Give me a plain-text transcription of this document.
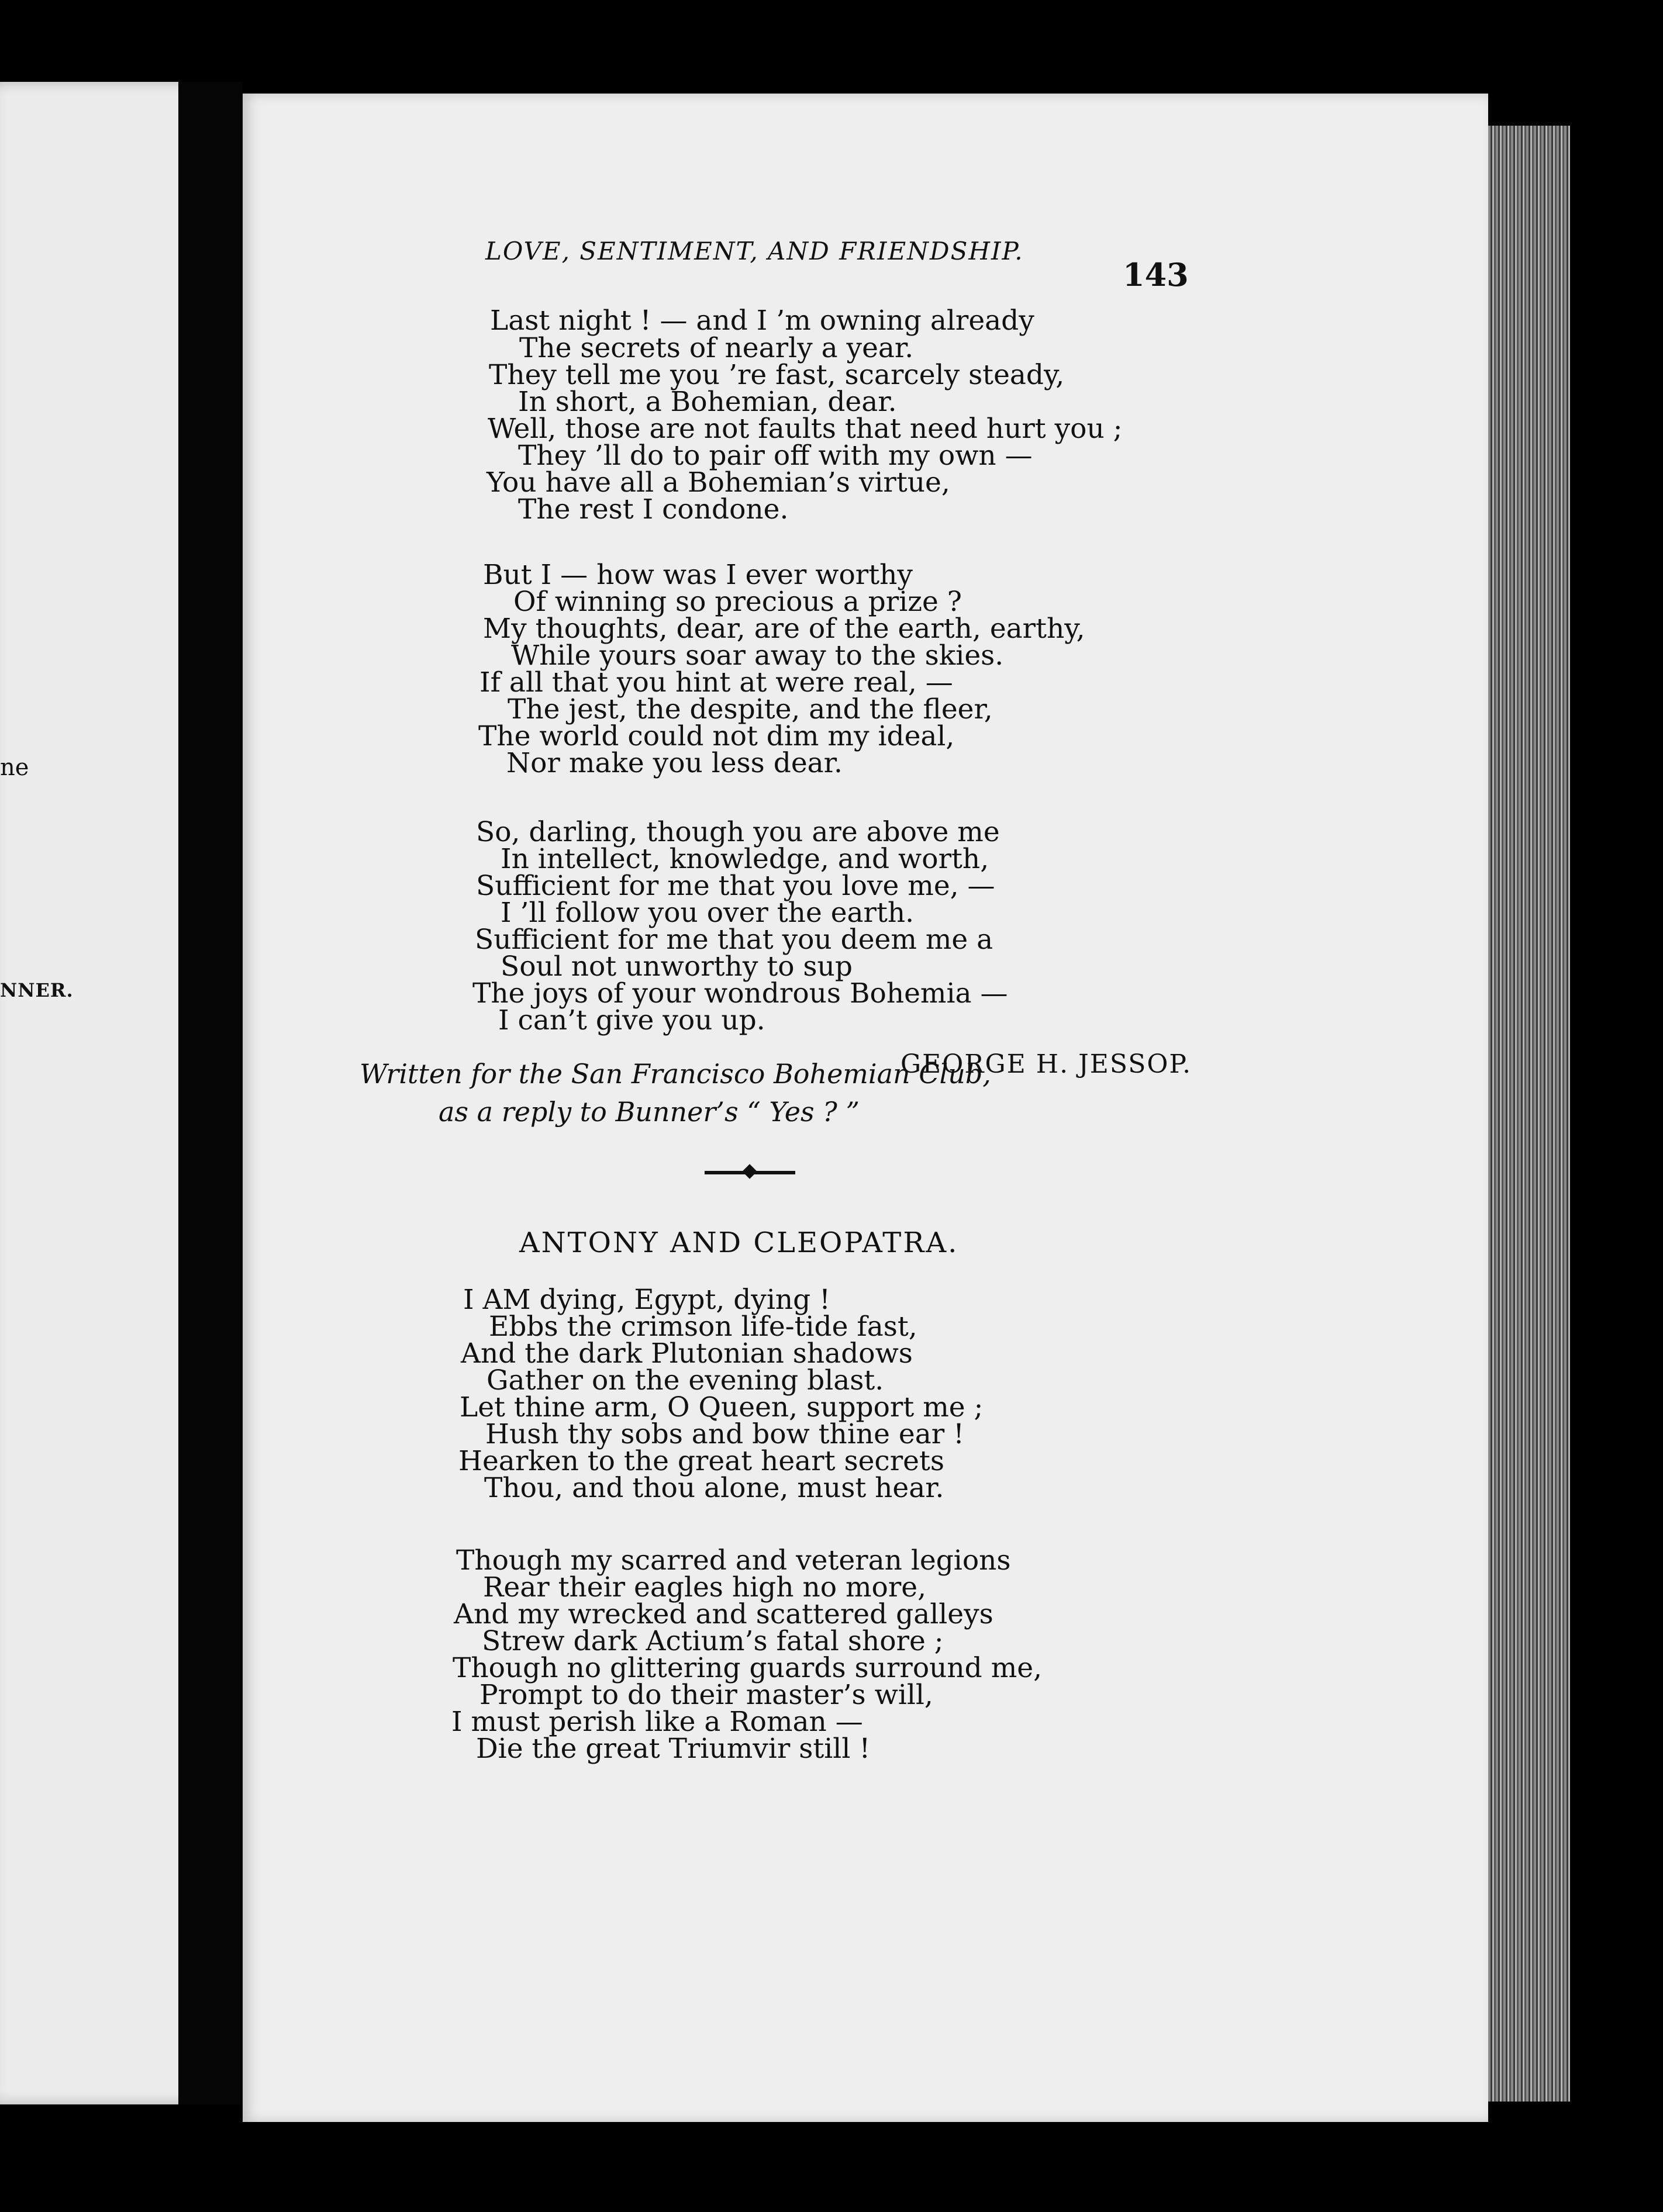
ne
NNER.
LOVE, SENTIMENT, AND FRIENDSHIP.
143
Last night ! — and I ’m owning already
The secrets of nearly a year.
They tell me you ’re fast, scarcely steady,
In short, a Bohemian, dear.
Well, those are not faults that need hurt you ;
They ’ll do to pair off with my own —
You have all a Bohemian’s virtue,
The rest I condone.
But I — how was I ever worthy
Of winning so precious a prize ?
My thoughts, dear, are of the earth, earthy,
While yours soar away to the skies.
If all that you hint at were real, —
The jest, the despite, and the fleer,
The world could not dim my ideal,
Nor make you less dear.
So, darling, though you are above me
In intellect, knowledge, and worth,
Sufficient for me that you love me, —
I ’ll follow you over the earth.
Sufficient for me that you deem me a
Soul not unworthy to sup
The joys of your wondrous Bohemia —
I can’t give you up.
GEORGE H. JESSOP.
Written for the San Francisco Bohemian Club,
as a reply to Bunner’s “ Yes ? ”
ANTONY AND CLEOPATRA.
I AM dying, Egypt, dying !
Ebbs the crimson life-tide fast,
And the dark Plutonian shadows
Gather on the evening blast.
Let thine arm, O Queen, support me ;
Hush thy sobs and bow thine ear !
Hearken to the great heart secrets
Thou, and thou alone, must hear.
Though my scarred and veteran legions
Rear their eagles high no more,
And my wrecked and scattered galleys
Strew dark Actium’s fatal shore ;
Though no glittering guards surround me,
Prompt to do their master’s will,
I must perish like a Roman —
Die the great Triumvir still !
